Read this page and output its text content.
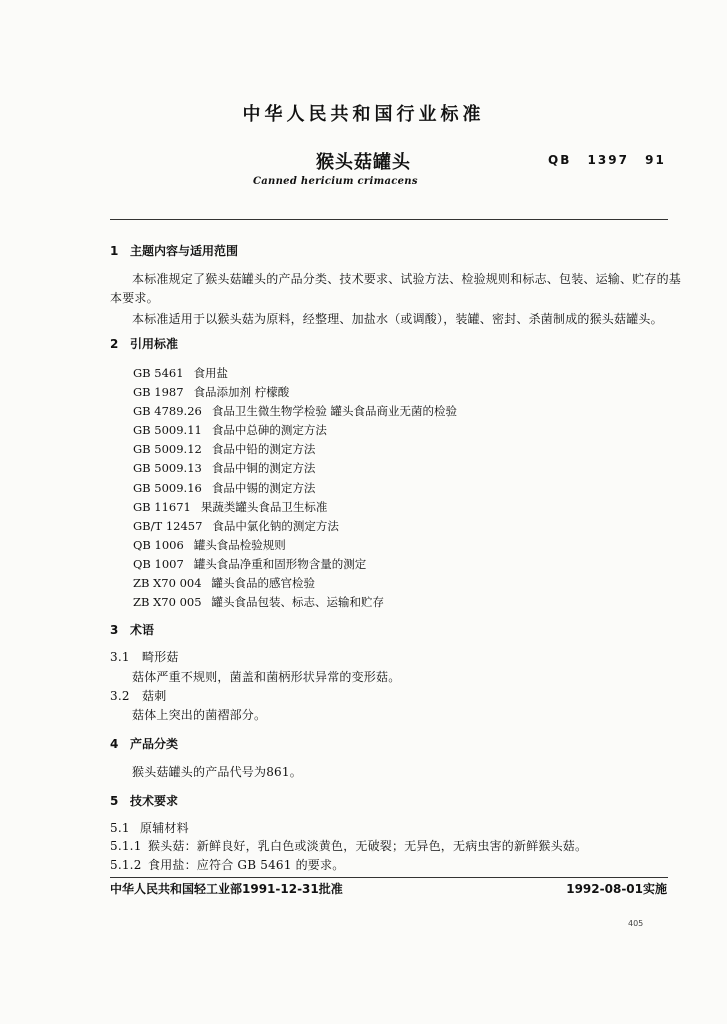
中华人民共和国行业标准
猴头菇罐头	QB 1397 91
Canned hericium crimacens
1 主题内容与适用范围
本标准规定了猴头菇罐头的产品分类、技术要求、试验方法、检验规则和标志、包装、运输、贮存的基
本要求。
本标准适用于以猴头菇为原料，经整理、加盐水（或调酸），装罐、密封、杀菌制成的猴头菇罐头。
2 引用标准
GB 5461 食用盐
GB 1987 食品添加剂 柠檬酸
GB 4789.26 食品卫生微生物学检验 罐头食品商业无菌的检验
GB 5009.11 食品中总砷的测定方法
GB 5009.12 食品中铅的测定方法
GB 5009.13 食品中铜的测定方法
GB 5009.16 食品中锡的测定方法
GB 11671 果蔬类罐头食品卫生标准
GB/T 12457 食品中氯化钠的测定方法
QB 1006 罐头食品检验规则
QB 1007 罐头食品净重和固形物含量的测定
ZB X70 004 罐头食品的感官检验
ZB X70 005 罐头食品包装、标志、运输和贮存
3 术语
3.1 畸形菇
菇体严重不规则，菌盖和菌柄形状异常的变形菇。
3.2 菇刺
菇体上突出的菌褶部分。
4 产品分类
猴头菇罐头的产品代号为861。
5 技术要求
5.1 原辅材料
5.1.1 猴头菇：新鲜良好，乳白色或淡黄色，无破裂；无异色，无病虫害的新鲜猴头菇。
5.1.2 食用盐：应符合 GB 5461 的要求。
中华人民共和国轻工业部1991-12-31批准	1992-08-01实施
405
